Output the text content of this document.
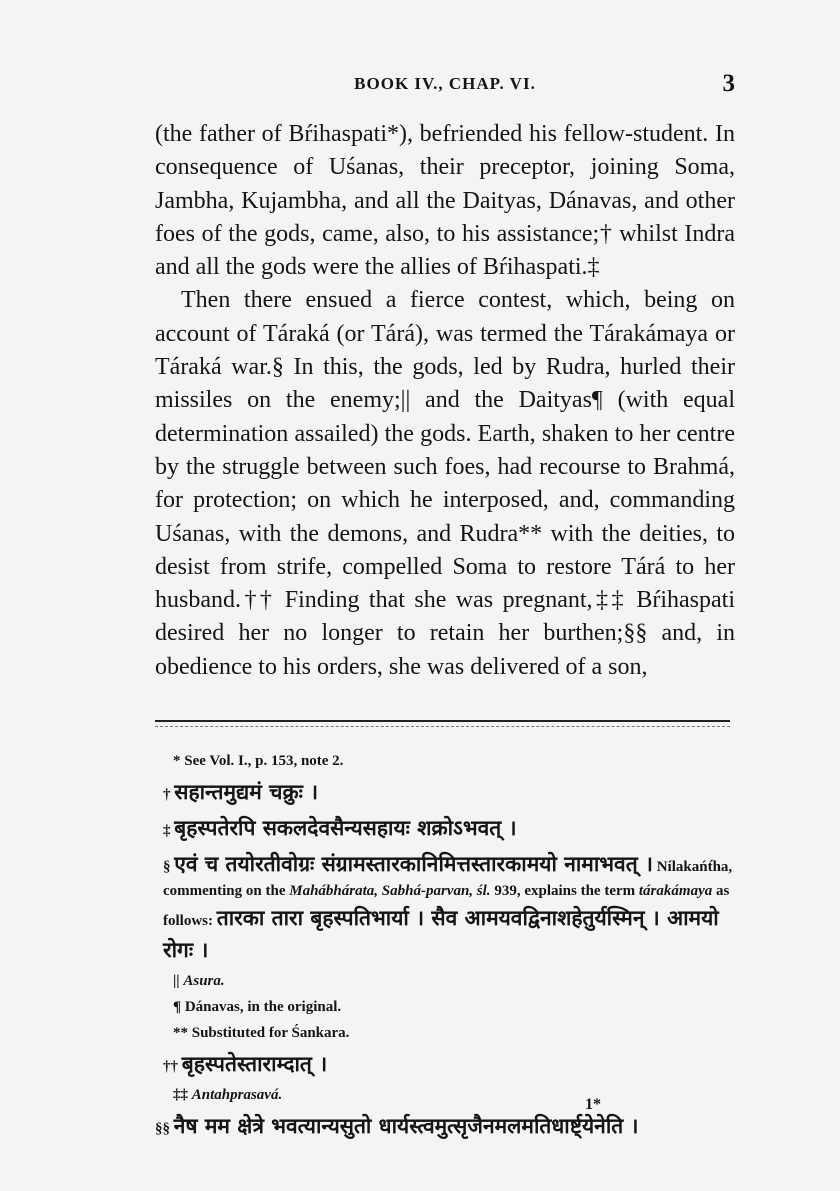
BOOK IV., CHAP. VI.	3

(the father of Bŕihaspati*), befriended his fellow-student. In consequence of Uśanas, their preceptor, joining Soma, Jambha, Kujambha, and all the Daityas, Dánavas, and other foes of the gods, came, also, to his assistance;† whilst Indra and all the gods were the allies of Bŕihaspati.‡

Then there ensued a fierce contest, which, being on account of Táraká (or Tárá), was termed the Tárakámaya or Táraká war.§ In this, the gods, led by Rudra, hurled their missiles on the enemy;|| and the Daityas¶ (with equal determination assailed) the gods. Earth, shaken to her centre by the struggle between such foes, had recourse to Brahmá, for protection; on which he interposed, and, commanding Uśanas, with the demons, and Rudra** with the deities, to desist from strife, compelled Soma to restore Tárá to her husband.†† Finding that she was pregnant,‡‡ Bŕihaspati desired her no longer to retain her burthen;§§ and, in obedience to his orders, she was delivered of a son,

* See Vol. I., p. 153, note 2.
† सहान्तमुद्यमं चक्रुः ।
‡ बृहस्पतेरपि सकलदेवसैन्यसहायः शक्रोऽभवत् ।
§ एवं च तयोरतीवोग्रः संग्रामस्तारकानिमित्तस्तारकामयो नामाभवत् । Nílakańt́ha, commenting on the Mahábhárata, Sabhá-parvan, śl. 939, explains the term tárakámaya as follows: तारका तारा बृहस्पतिभार्या । सैव आमयवद्विनाशहेतुर्यस्मिन् । आमयो रोगः ।
|| Asura.
¶ Dánavas, in the original.
** Substituted for Śankara.
†† बृहस्पतेस्ताराम्दात् ।
‡‡ Antahprasavá.
§§ नैष मम क्षेत्रे भवत्यान्यसुतो धार्यस्त्वमुत्सृजैनमलमतिधार्ष्ट्येनेति ।
1*
